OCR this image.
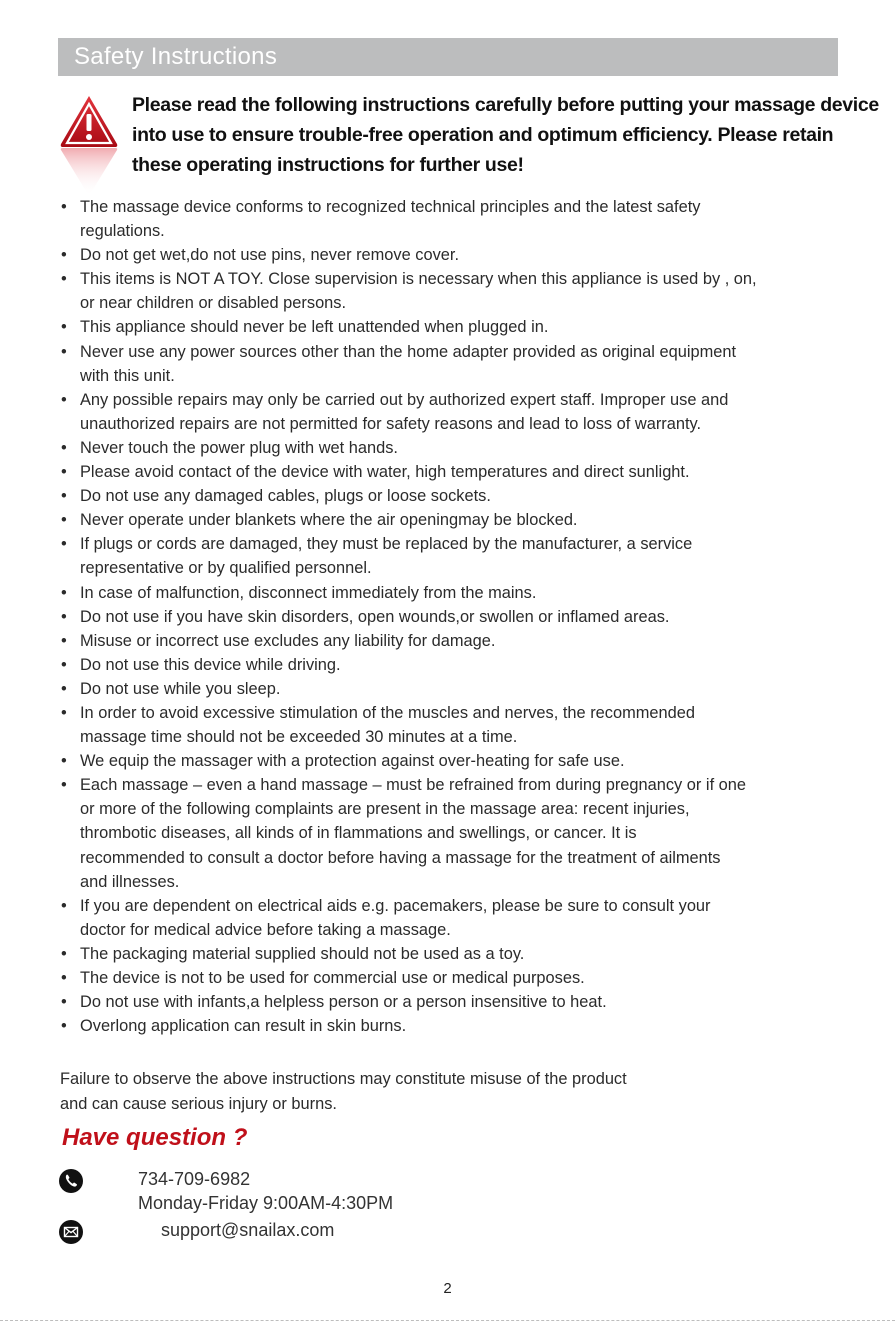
Safety Instructions
Please read the following instructions carefully before putting your massage device
into use to ensure trouble-free operation and optimum efficiency. Please retain
these operating instructions for further use!
• The massage device conforms to recognized technical principles and the latest safety
regulations.
• Do not get wet,do not use pins, never remove cover.
• This items is NOT A TOY. Close supervision is necessary when this appliance is used by , on,
or near children or disabled persons.
• This appliance should never be left unattended when plugged in.
• Never use any power sources other than the home adapter provided as original equipment
with this unit.
• Any possible repairs may only be carried out by authorized expert staff. Improper use and
unauthorized repairs are not permitted for safety reasons and lead to loss of warranty.
• Never touch the power plug with wet hands.
• Please avoid contact of the device with water, high temperatures and direct sunlight.
• Do not use any damaged cables, plugs or loose sockets.
• Never operate under blankets where the air openingmay be blocked.
• If plugs or cords are damaged, they must be replaced by the manufacturer, a service
representative or by qualified personnel.
• In case of malfunction, disconnect immediately from the mains.
• Do not use if you have skin disorders, open wounds,or swollen or inflamed areas.
• Misuse or incorrect use excludes any liability for damage.
• Do not use this device while driving.
• Do not use while you sleep.
• In order to avoid excessive stimulation of the muscles and nerves, the recommended
massage time should not be exceeded 30 minutes at a time.
• We equip the massager with a protection against over-heating for safe use.
• Each massage – even a hand massage – must be refrained from during pregnancy or if one
or more of the following complaints are present in the massage area: recent injuries,
thrombotic diseases, all kinds of in flammations and swellings, or cancer. It is
recommended to consult a doctor before having a massage for the treatment of ailments
and illnesses.
• If you are dependent on electrical aids e.g. pacemakers, please be sure to consult your
doctor for medical advice before taking a massage.
• The packaging material supplied should not be used as a toy.
• The device is not to be used for commercial use or medical purposes.
• Do not use with infants,a helpless person or a person insensitive to heat.
• Overlong application can result in skin burns.
Failure to observe the above instructions may constitute misuse of the product
and can cause serious injury or burns.
Have question ?
734-709-6982
Monday-Friday 9:00AM-4:30PM
support@snailax.com
2
